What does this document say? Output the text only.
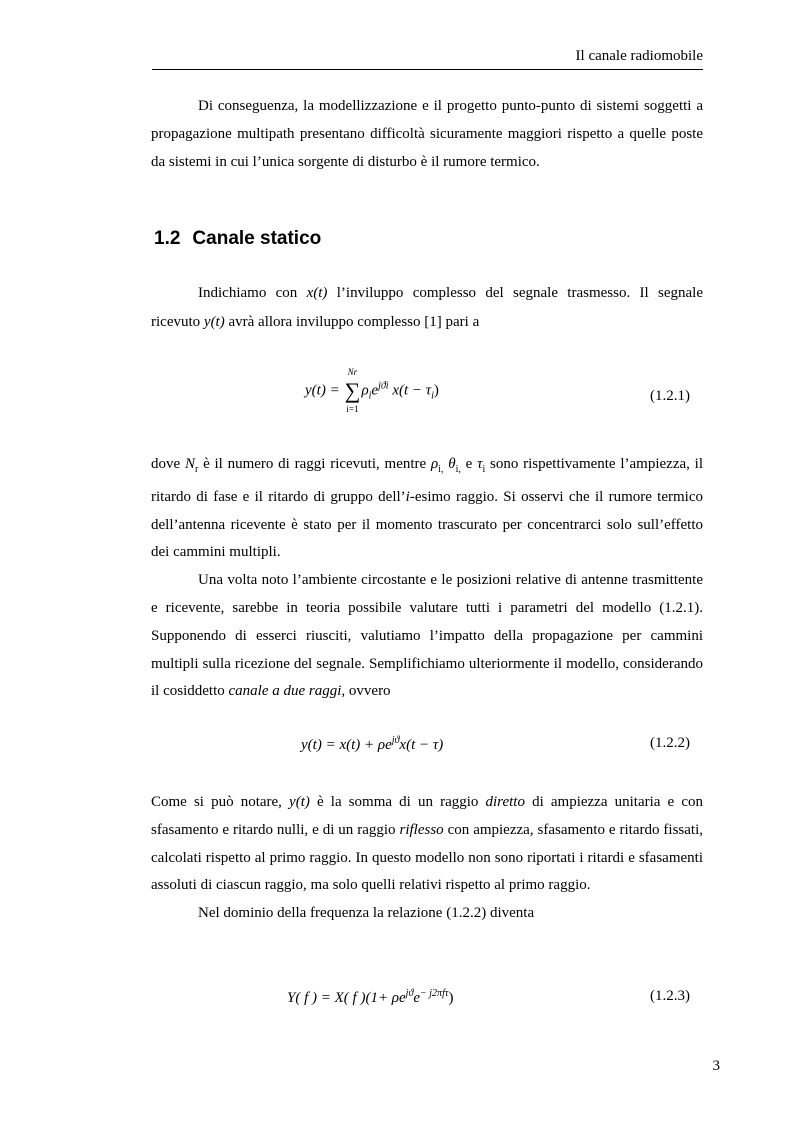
Il canale radiomobile

Di conseguenza, la modellizzazione e il progetto punto-punto di sistemi soggetti a propagazione multipath presentano difficoltà sicuramente maggiori rispetto a quelle poste da sistemi in cui l’unica sorgente di disturbo è il rumore termico.

1.2 Canale statico

Indichiamo con x(t) l’inviluppo complesso del segnale trasmesso. Il segnale ricevuto y(t) avrà allora inviluppo complesso [1] pari a

y(t) =
Nr
∑
i=1
$\rho_ie^{jϑi}$ $x(t - \tau_i)$	(1.2.1)

dove $N_r$ è il numero di raggi ricevuti, mentre $\rho_{i,}$ $\theta_{i,}$ e $\tau_i$ sono rispettivamente l’ampiezza, il ritardo di fase e il ritardo di gruppo dell’i-esimo raggio. Si osservi che il rumore termico dell’antenna ricevente è stato per il momento trascurato per concentrarci solo sull’effetto dei cammini multipli.

Una volta noto l’ambiente circostante e le posizioni relative di antenne trasmittente e ricevente, sarebbe in teoria possibile valutare tutti i parametri del modello (1.2.1). Supponendo di esserci riusciti, valutiamo l’impatto della propagazione per cammini multipli sulla ricezione del segnale. Semplifichiamo ulteriormente il modello, considerando il cosiddetto canale a due raggi, ovvero

$y(t) = x(t) + \rho e^{jϑ}x(t - \tau)$	(1.2.2)

Come si può notare, y(t) è la somma di un raggio diretto di ampiezza unitaria e con sfasamento e ritardo nulli, e di un raggio riflesso con ampiezza, sfasamento e ritardo fissati, calcolati rispetto al primo raggio. In questo modello non sono riportati i ritardi e sfasamenti assoluti di ciascun raggio, ma solo quelli relativi rispetto al primo raggio.

Nel dominio della frequenza la relazione (1.2.2) diventa

Y( f ) = X( f )$(1+ \rho e^{jϑ}e^{- j2\pi f\tau})$	(1.2.3)
3
